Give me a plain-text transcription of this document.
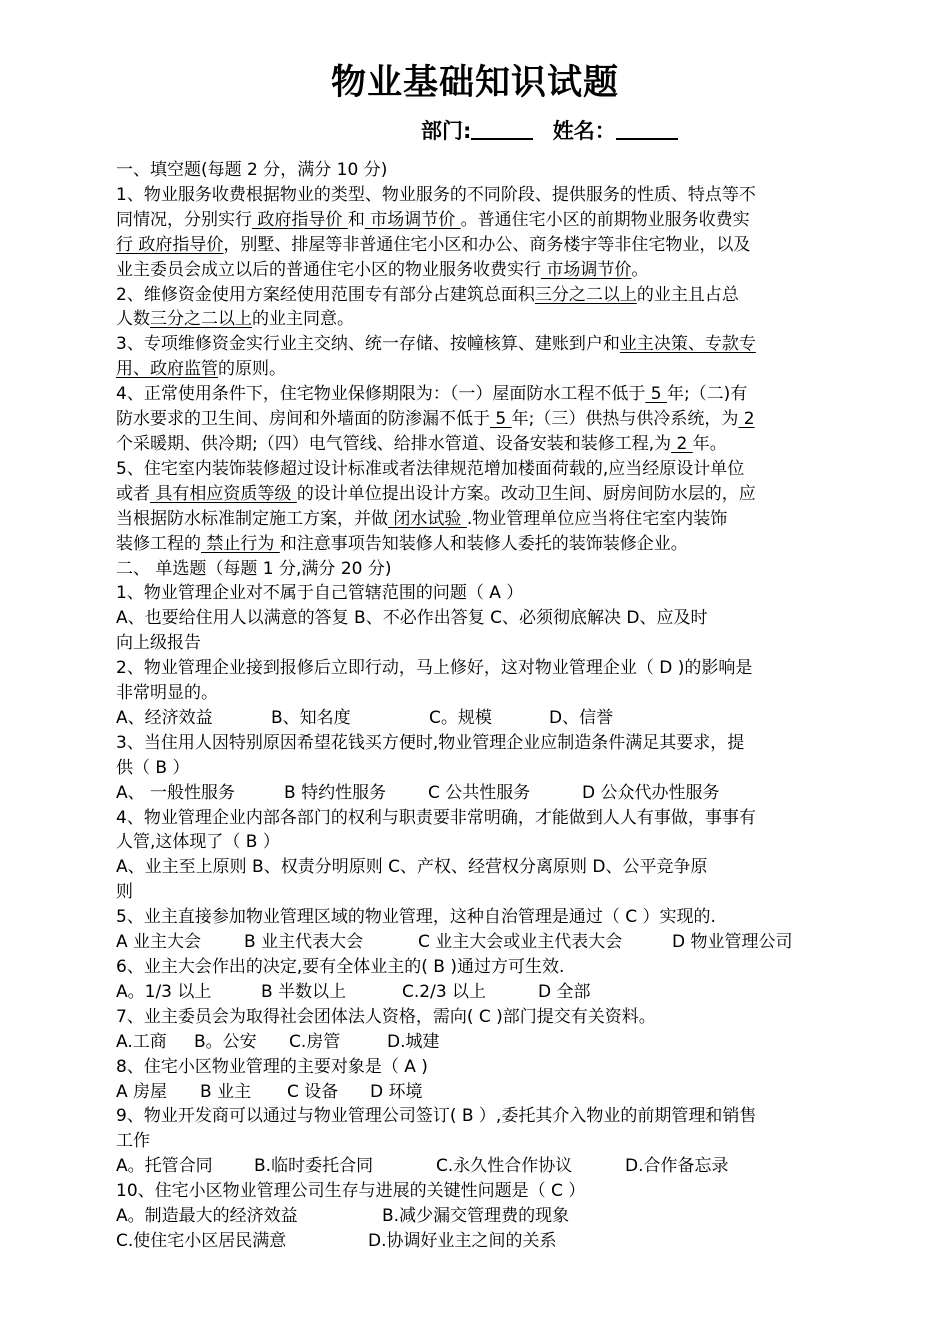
物业基础知识试题
部门:	姓名：

一、填空题(每题 2 分，满分 10 分)

1、物业服务收费根据物业的类型、物业服务的不同阶段、提供服务的性质、特点等不

同情况，分别实行 政府指导价 和 市场调节价 。普通住宅小区的前期物业服务收费实

行 政府指导价，别墅、排屋等非普通住宅小区和办公、商务楼宇等非住宅物业，以及

业主委员会成立以后的普通住宅小区的物业服务收费实行 市场调节价。

2、维修资金使用方案经使用范围专有部分占建筑总面积三分之二以上的业主且占总

人数三分之二以上的业主同意。

3、专项维修资金实行业主交纳、统一存储、按幢核算、建账到户和业主决策、专款专

用、政府监管的原则。

4、正常使用条件下，住宅物业保修期限为：（一）屋面防水工程不低于 5 年;（二)有

防水要求的卫生间、房间和外墙面的防渗漏不低于 5 年;（三）供热与供冷系统，为 2

个采暖期、供冷期;（四）电气管线、给排水管道、设备安装和装修工程,为 2 年。

5、住宅室内装饰装修超过设计标准或者法律规范增加楼面荷载的,应当经原设计单位

或者 具有相应资质等级 的设计单位提出设计方案。改动卫生间、厨房间防水层的，应

当根据防水标准制定施工方案，并做 闭水试验 .物业管理单位应当将住宅室内装饰

装修工程的 禁止行为 和注意事项告知装修人和装修人委托的装饰装修企业。

二、 单选题（每题 1 分,满分 20 分)

1、物业管理企业对不属于自己管辖范围的问题（ A ）

A、也要给住用人以满意的答复 B、不必作出答复 C、必须彻底解决 D、应及时

向上级报告

2、物业管理企业接到报修后立即行动，马上修好，这对物业管理企业（ D )的影响是

非常明显的。

A、经济效益	B、知名度	C。规模	D、信誉

3、当住用人因特别原因希望花钱买方便时,物业管理企业应制造条件满足其要求，提

供（ B ）

A、 一般性服务	B 特约性服务 C 公共性服务	D 公众代办性服务

4、物业管理企业内部各部门的权利与职责要非常明确，才能做到人人有事做，事事有

人管,这体现了（ B ）

A、业主至上原则 B、权责分明原则 C、产权、经营权分离原则 D、公平竞争原

则

5、业主直接参加物业管理区域的物业管理，这种自治管理是通过（ C ）实现的.

A 业主大会	B 业主代表大会	C 业主大会或业主代表大会	D 物业管理公司

6、业主大会作出的决定,要有全体业主的( B )通过方可生效.

A。1/3 以上	B 半数以上	C.2/3 以上	D 全部

7、业主委员会为取得社会团体法人资格，需向( C )部门提交有关资料。

A.工商 B。公安 C.房管	D.城建

8、住宅小区物业管理的主要对象是（ A )

A 房屋 B 业主 C 设备 D 环境

9、物业开发商可以通过与物业管理公司签订( B ）,委托其介入物业的前期管理和销售

工作

A。托管合同 B.临时委托合同	C.永久性合作协议	D.合作备忘录

10、住宅小区物业管理公司生存与进展的关键性问题是（ C ）

A。制造最大的经济效益	B.减少漏交管理费的现象

C.使住宅小区居民满意	D.协调好业主之间的关系
